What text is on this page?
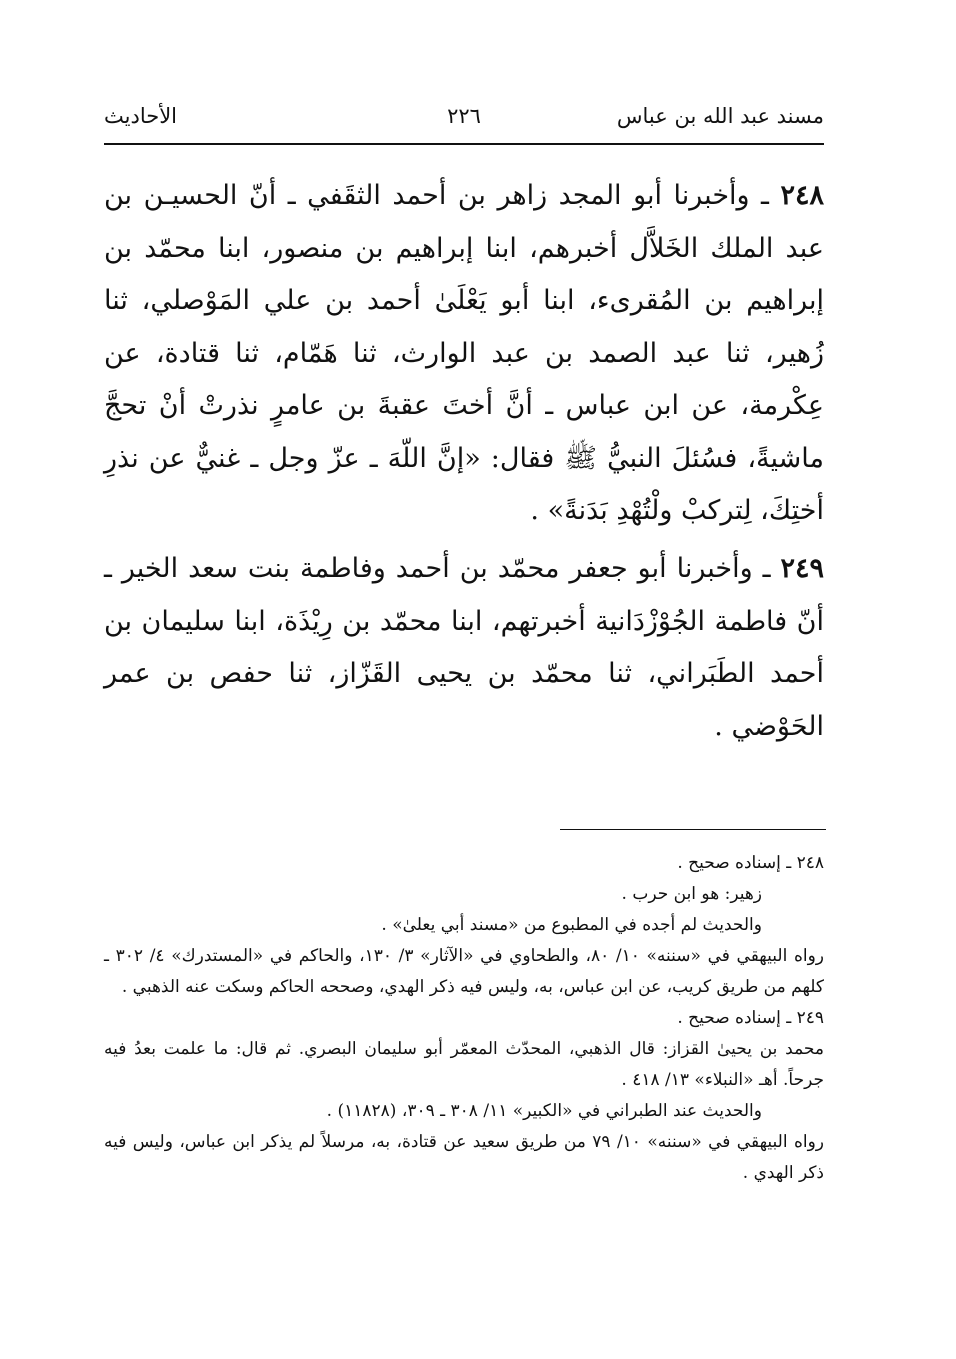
مسند عبد الله بن عباس
٢٢٦
الأحاديث

٢٤٨ ـ وأخبرنا أبو المجد زاهر بن أحمد الثقَفي ـ أنّ الحسيـن بن عبد الملك الخَلاَّل أخبرهم، ابنا إبراهيم بن منصور، ابنا محمّد بن إبراهيم بن المُقرىء، ابنا أبو يَعْلَىٰ أحمد بن علي المَوْصلي، ثنا زُهير، ثنا عبد الصمد بن عبد الوارث، ثنا هَمّام، ثنا قتادة، عن عِكْرمة، عن ابن عباس ـ أنَّ أختَ عقبةَ بن عامرٍ نذرتْ أنْ تحجَّ ماشيةً، فسُئلَ النبيُّ ﷺ فقال: «إنَّ اللّهَ ـ عزّ وجل ـ غنيٌّ عن نذرِ أختِكَ، لِتركبْ ولْتُهْدِ بَدَنةً» .

٢٤٩ ـ وأخبرنا أبو جعفر محمّد بن أحمد وفاطمة بنت سعد الخير ـ أنّ فاطمة الجُوْزْدَانية أخبرتهم، ابنا محمّد بن رِيْذَة، ابنا سليمان بن أحمد الطَبَراني، ثنا محمّد بن يحيى القَزّاز، ثنا حفص بن عمر الحَوْضي .

٢٤٨ ـ إسناده صحيح .

زهير: هو ابن حرب .

والحديث لم أجده في المطبوع من «مسند أبي يعلىٰ» .

رواه البيهقي في «سننه» ١٠/ ٨٠، والطحاوي في «الآثار» ٣/ ١٣٠، والحاكم في «المستدرك» ٤/ ٣٠٢ ـ كلهم من طريق كريب، عن ابن عباس، به، وليس فيه ذكر الهدي، وصححه الحاكم وسكت عنه الذهبي .

٢٤٩ ـ إسناده صحيح .

محمد بن يحيىٰ القزاز: قال الذهبي، المحدّث المعمّر أبو سليمان البصري. ثم قال: ما علمت بعدُ فيه جرحاً. أهـ «النبلاء» ١٣/ ٤١٨ .

والحديث عند الطبراني في «الكبير» ١١/ ٣٠٨ ـ ٣٠٩، (١١٨٢٨) .

رواه البيهقي في «سننه» ١٠/ ٧٩ من طريق سعيد عن قتادة، به، مرسلاً لم يذكر ابن عباس، وليس فيه ذكر الهدي .
